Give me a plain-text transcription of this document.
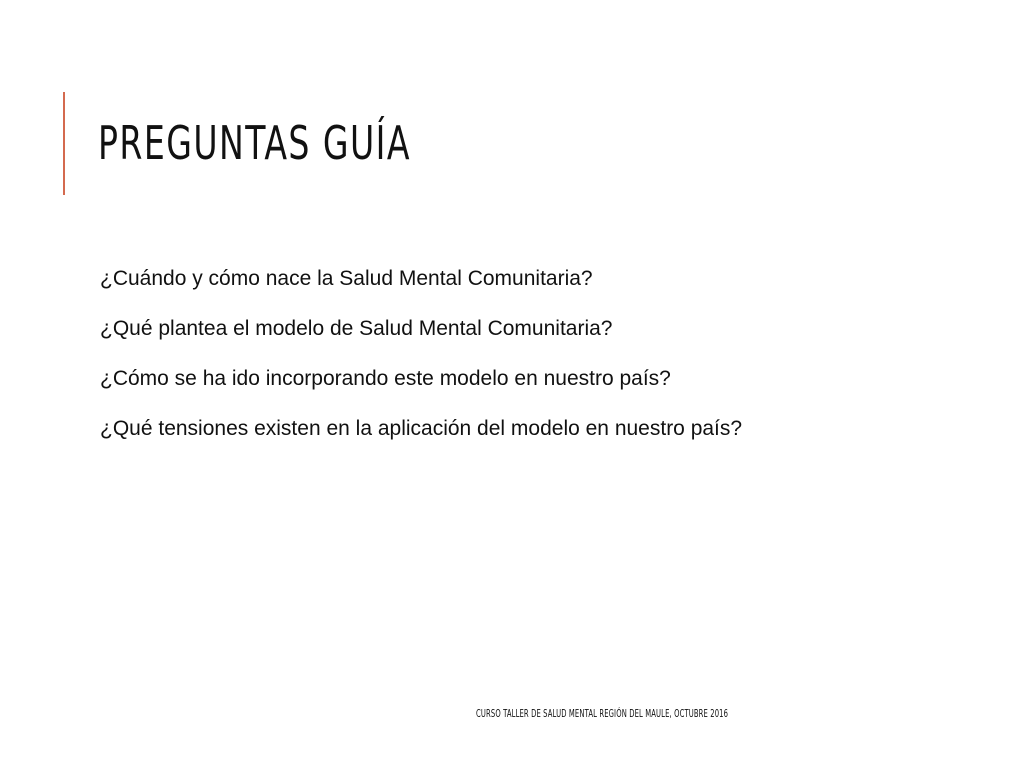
PREGUNTAS GUÍA
¿Cuándo y cómo nace la Salud Mental Comunitaria?
¿Qué plantea el modelo de Salud Mental Comunitaria?
¿Cómo se ha ido incorporando este modelo en nuestro país?
¿Qué tensiones existen en la aplicación del modelo en nuestro país?
CURSO TALLER DE SALUD MENTAL REGIÓN DEL MAULE, OCTUBRE 2016
